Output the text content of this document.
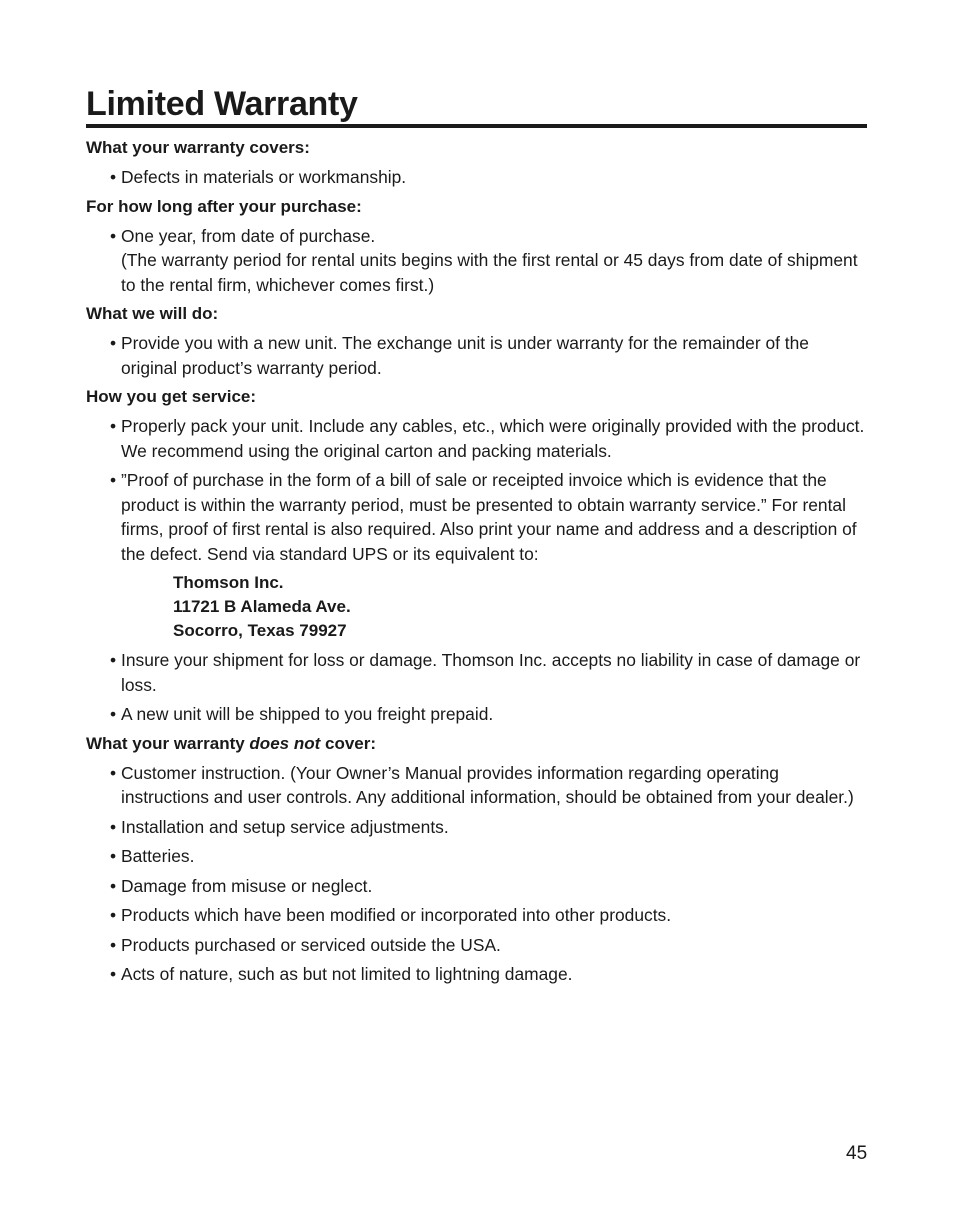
Limited Warranty

What your warranty covers:

• Defects in materials or workmanship.

For how long after your purchase:

• One year, from date of purchase.
(The warranty period for rental units begins with the first rental or 45 days from date of shipment to the rental firm, whichever comes first.)

What we will do:

• Provide you with a new unit. The exchange unit is under warranty for the remainder of the original product’s warranty period.

How you get service:

• Properly pack your unit. Include any cables, etc., which were originally provided with the product. We recommend using the original carton and packing materials.
• ”Proof of purchase in the form of a bill of sale or receipted invoice which is evidence that the product is within the warranty period, must be presented to obtain warranty service.” For rental firms, proof of first rental is also required. Also print your name and address and a description of the defect. Send via standard UPS or its equivalent to:
Thomson Inc.
11721 B Alameda Ave.
Socorro, Texas 79927
• Insure your shipment for loss or damage. Thomson Inc. accepts no liability in case of damage or loss.
• A new unit will be shipped to you freight prepaid.

What your warranty does not cover:

• Customer instruction. (Your Owner’s Manual provides information regarding operating instructions and user controls. Any additional information, should be obtained from your dealer.)
• Installation and setup service adjustments.
• Batteries.
• Damage from misuse or neglect.
• Products which have been modified or incorporated into other products.
• Products purchased or serviced outside the USA.
• Acts of nature, such as but not limited to lightning damage.
45
